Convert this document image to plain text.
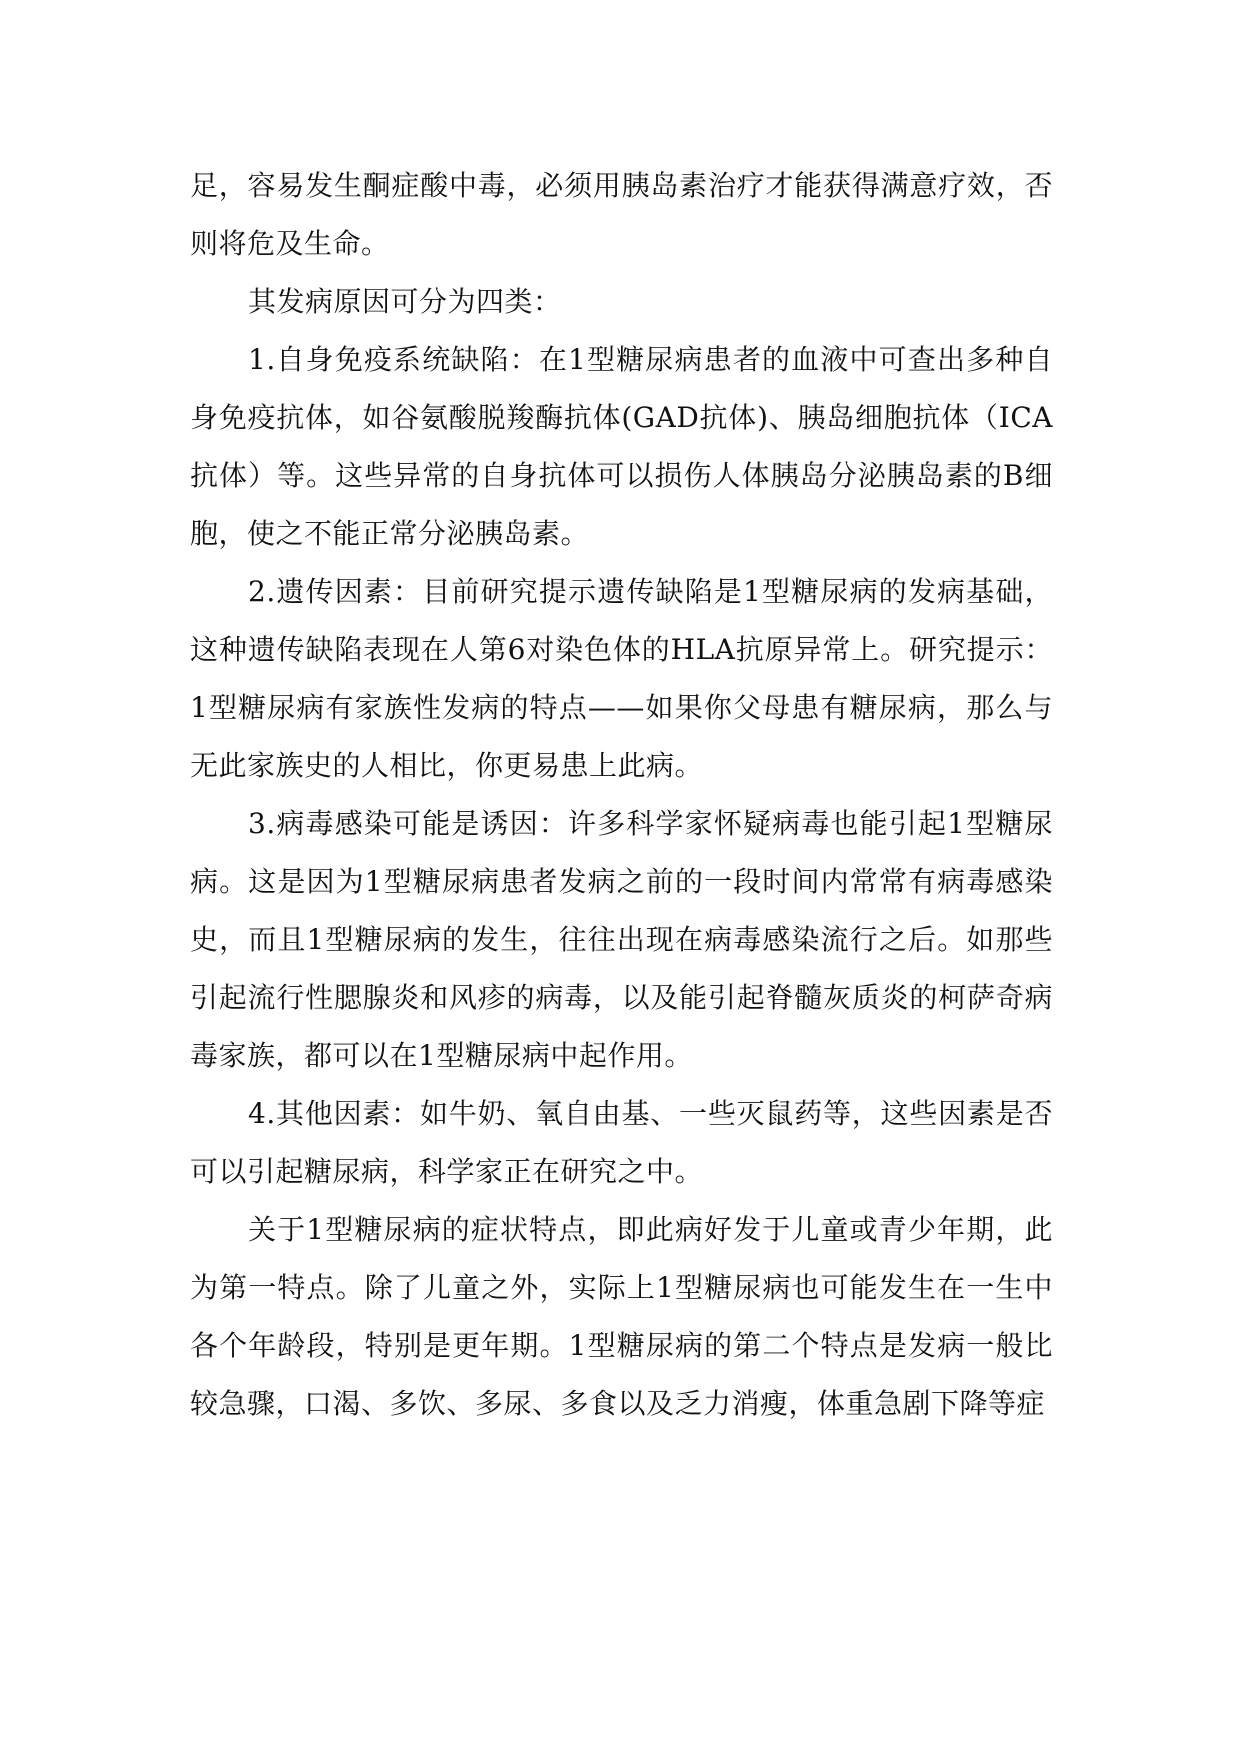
足，容易发生酮症酸中毒，必须用胰岛素治疗才能获得满意疗效，否则将危及生命。

其发病原因可分为四类：

1.自身免疫系统缺陷：在1型糖尿病患者的血液中可查出多种自身免疫抗体，如谷氨酸脱羧酶抗体(GAD抗体)、胰岛细胞抗体（ICA抗体）等。这些异常的自身抗体可以损伤人体胰岛分泌胰岛素的B细胞，使之不能正常分泌胰岛素。

2.遗传因素：目前研究提示遗传缺陷是1型糖尿病的发病基础，这种遗传缺陷表现在人第6对染色体的HLA抗原异常上。研究提示：1型糖尿病有家族性发病的特点——如果你父母患有糖尿病，那么与无此家族史的人相比，你更易患上此病。

3.病毒感染可能是诱因：许多科学家怀疑病毒也能引起1型糖尿病。这是因为1型糖尿病患者发病之前的一段时间内常常有病毒感染史，而且1型糖尿病的发生，往往出现在病毒感染流行之后。如那些引起流行性腮腺炎和风疹的病毒，以及能引起脊髓灰质炎的柯萨奇病毒家族，都可以在1型糖尿病中起作用。

4.其他因素：如牛奶、氧自由基、一些灭鼠药等，这些因素是否可以引起糖尿病，科学家正在研究之中。

关于1型糖尿病的症状特点，即此病好发于儿童或青少年期，此为第一特点。除了儿童之外，实际上1型糖尿病也可能发生在一生中各个年龄段，特别是更年期。1型糖尿病的第二个特点是发病一般比较急骤，口渴、多饮、多尿、多食以及乏力消瘦，体重急剧下降等症
